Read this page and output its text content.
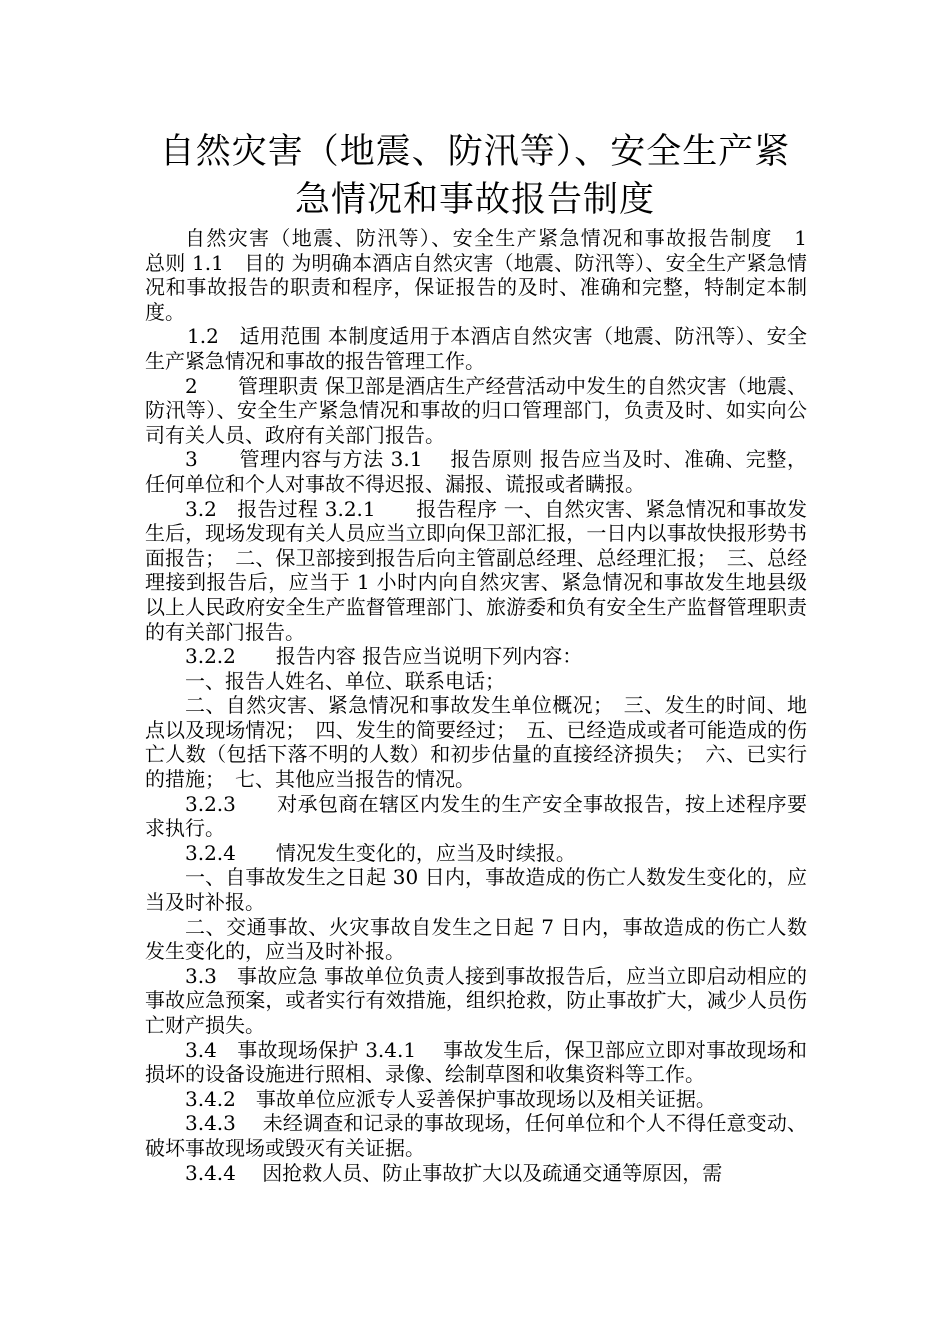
自然灾害（地震、防汛等）、安全生产紧
急情况和事故报告制度

自然灾害（地震、防汛等）、安全生产紧急情况和事故报告制度　1　　总则 1.1　目的 为明确本酒店自然灾害（地震、防汛等）、安全生产紧急情况和事故报告的职责和程序，保证报告的及时、准确和完整，特制定本制度。

1.2　适用范围 本制度适用于本酒店自然灾害（地震、防汛等）、安全生产紧急情况和事故的报告管理工作。

2　　管理职责 保卫部是酒店生产经营活动中发生的自然灾害（地震、防汛等）、安全生产紧急情况和事故的归口管理部门，负责及时、如实向公司有关人员、政府有关部门报告。

3　　管理内容与方法 3.1　 报告原则 报告应当及时、准确、完整，任何单位和个人对事故不得迟报、漏报、谎报或者瞒报。

3.2　报告过程 3.2.1　　报告程序 一、自然灾害、紧急情况和事故发生后，现场发现有关人员应当立即向保卫部汇报，一日内以事故快报形势书面报告；　二、保卫部接到报告后向主管副总经理、总经理汇报；　三、总经理接到报告后，应当于 1 小时内向自然灾害、紧急情况和事故发生地县级以上人民政府安全生产监督管理部门、旅游委和负有安全生产监督管理职责的有关部门报告。

3.2.2　　报告内容 报告应当说明下列内容：

一、报告人姓名、单位、联系电话；

二、自然灾害、紧急情况和事故发生单位概况；　三、发生的时间、地点以及现场情况；　四、发生的简要经过；　五、已经造成或者可能造成的伤亡人数（包括下落不明的人数）和初步估量的直接经济损失；　六、已实行的措施；　七、其他应当报告的情况。

3.2.3　　对承包商在辖区内发生的生产安全事故报告，按上述程序要求执行。

3.2.4　　情况发生变化的，应当及时续报。

一、自事故发生之日起 30 日内，事故造成的伤亡人数发生变化的，应当及时补报。

二、交通事故、火灾事故自发生之日起 7 日内，事故造成的伤亡人数发生变化的，应当及时补报。

3.3　事故应急 事故单位负责人接到事故报告后，应当立即启动相应的事故应急预案，或者实行有效措施，组织抢救，防止事故扩大，减少人员伤亡财产损失。

3.4　事故现场保护 3.4.1　 事故发生后，保卫部应立即对事故现场和损坏的设备设施进行照相、录像、绘制草图和收集资料等工作。

3.4.2　事故单位应派专人妥善保护事故现场以及相关证据。

3.4.3　 未经调查和记录的事故现场，任何单位和个人不得任意变动、破坏事故现场或毁灭有关证据。

3.4.4　 因抢救人员、防止事故扩大以及疏通交通等原因，需
